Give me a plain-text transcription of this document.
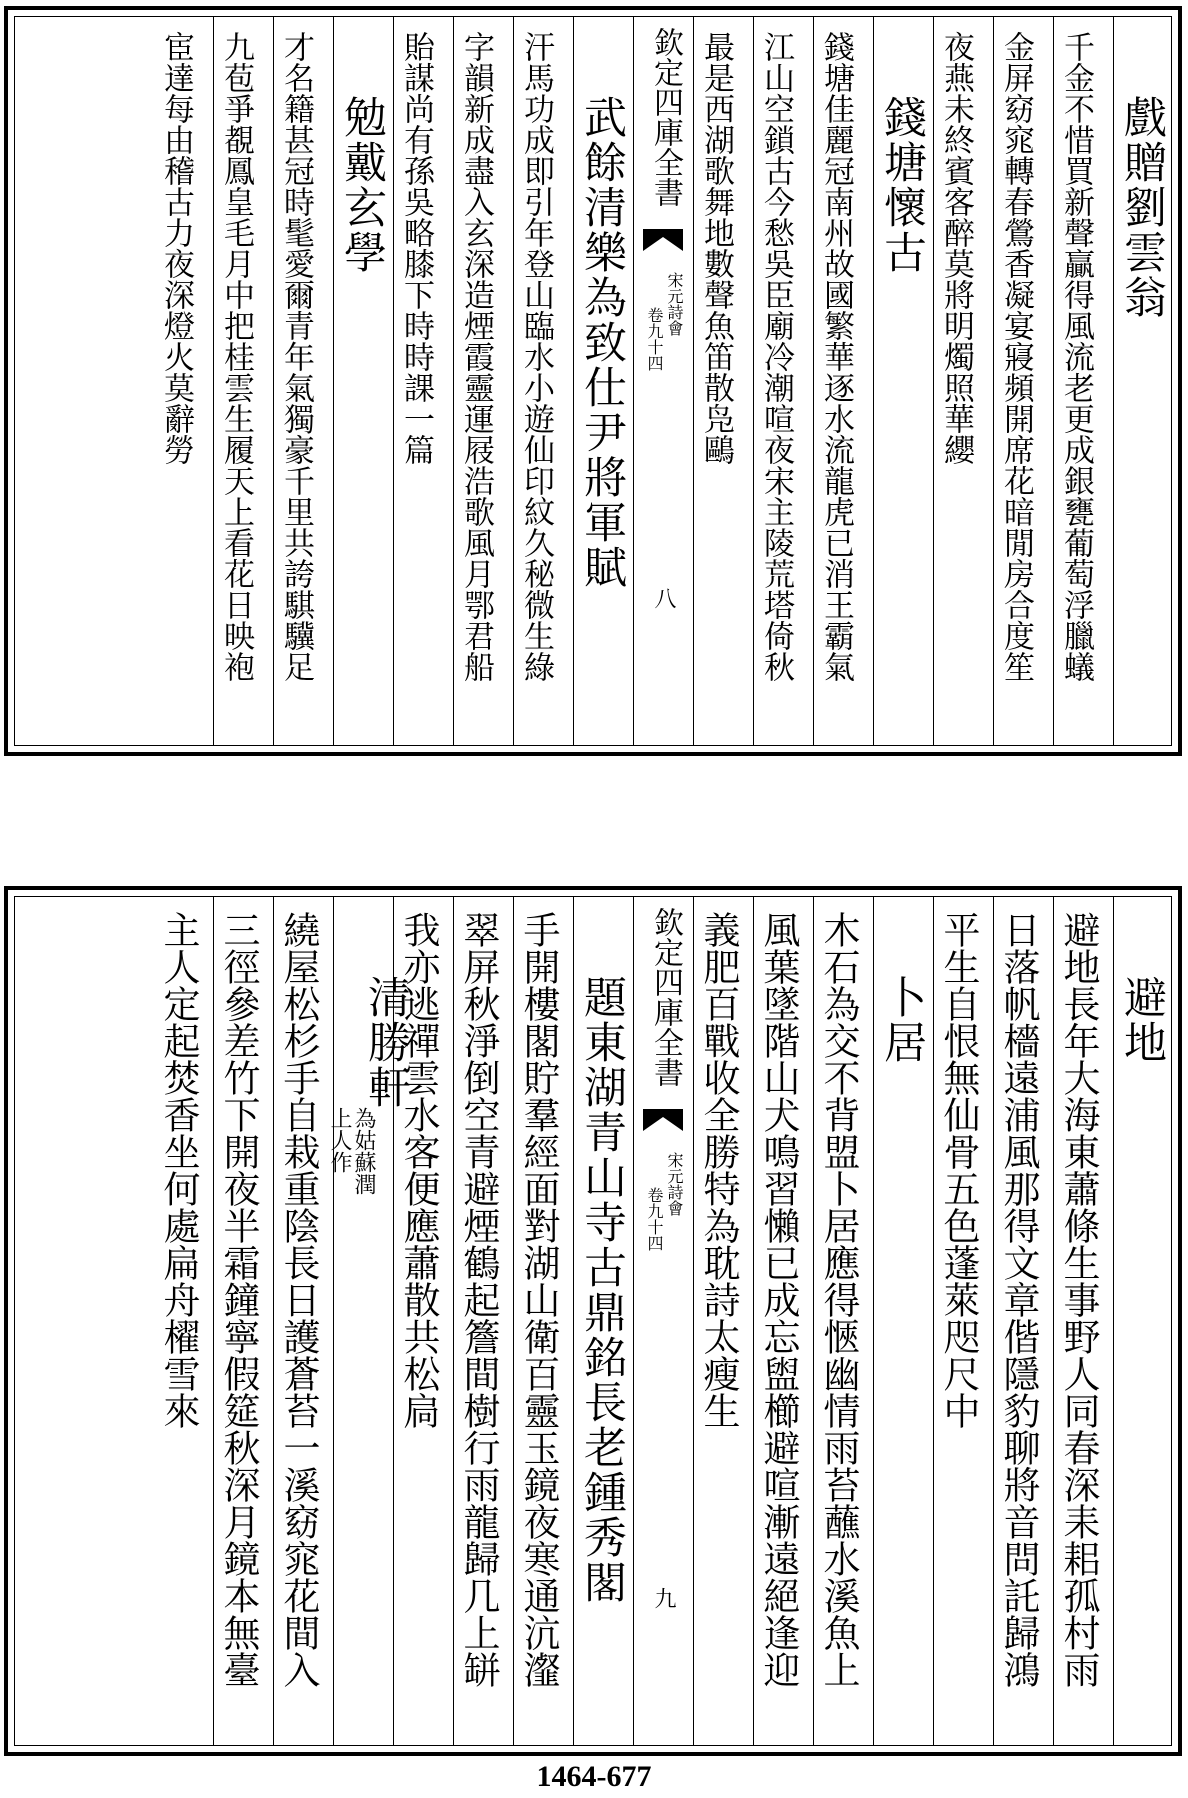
戲贈劉雲翁
千金不惜買新聲贏得風流老更成銀甕葡萄浮臘蟻
金屏窈窕轉春鶯香凝宴寢頻開席花暗閒房合度笙
夜燕未終賓客醉莫將明燭照華纓
錢塘懷古
錢塘佳麗冠南州故國繁華逐水流龍虎已消王霸氣
江山空鎖古今愁吳臣廟冷潮喧夜宋主陵荒塔倚秋
最是西湖歌舞地數聲魚笛散凫鷗
欽定四庫全書
宋元詩會
卷九十四
八
武餘清樂為致仕尹將軍賦
汗馬功成即引年登山臨水小遊仙印紋久秘微生綠
字韻新成盡入玄深造煙霞靈運屐浩歌風月鄂君船
貽謀尚有孫吳略膝下時時課一篇
勉戴玄學
才名籍甚冠時髦愛爾青年氣獨豪千里共誇騏驥足
九苞爭覩鳳皇毛月中把桂雲生履天上看花日映袍
宦達每由稽古力夜深燈火莫辭勞
避地
避地長年大海東蕭條生事野人同春深耒耜孤村雨
日落帆檣遠浦風那得文章偕隱豹聊將音問託歸鴻
平生自恨無仙骨五色蓬萊咫尺中
卜居
木石為交不背盟卜居應得愜幽情雨苔蘸水溪魚上
風葉墜階山犬鳴習懶已成忘盥櫛避喧漸遠絕逢迎
義肥百戰收全勝特為耽詩太瘦生
欽定四庫全書
宋元詩會
卷九十四
九
題東湖青山寺古鼎銘長老鍾秀閣
手開樓閣貯羣經面對湖山衛百靈玉鏡夜寒通沆瀣
翠屏秋淨倒空青避煙鶴起簷間樹行雨龍歸几上缾
我亦逃禪雲水客便應蕭散共松扃
清勝軒
為姑蘇潤
上人作
繞屋松杉手自栽重陰長日護蒼苔一溪窈窕花間入
三徑參差竹下開夜半霜鐘寧假筵秋深月鏡本無臺
主人定起焚香坐何處扁舟櫂雪來
1464-677
